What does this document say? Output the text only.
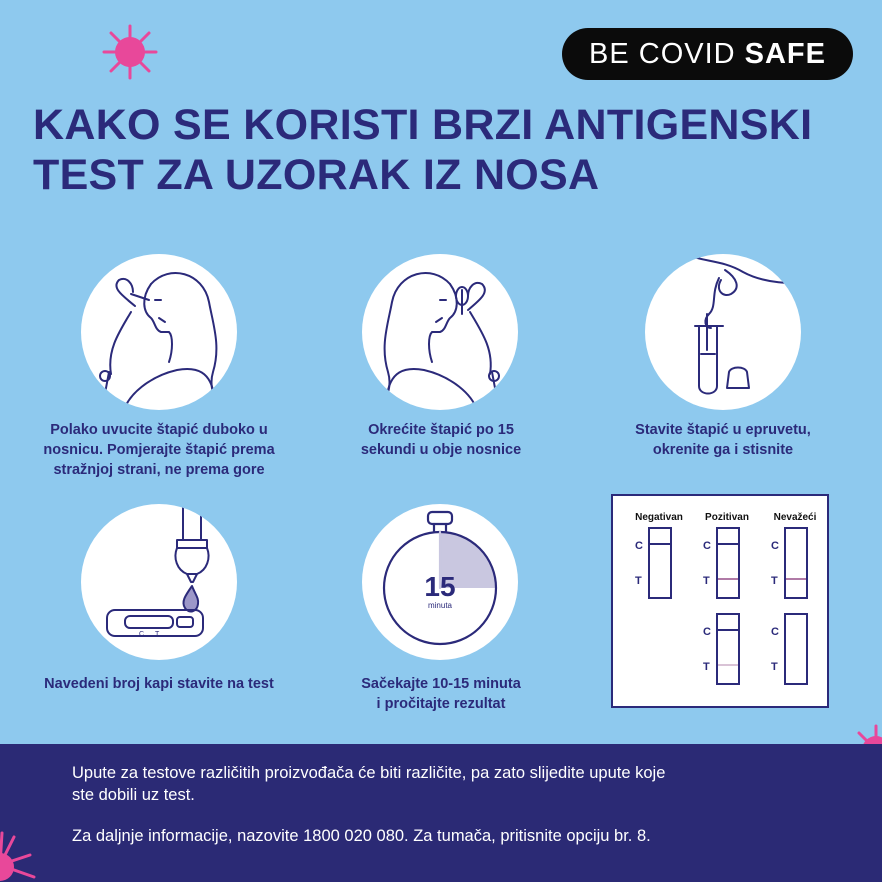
BE COVID SAFE
KAKO SE KORISTI BRZI ANTIGENSKI
TEST ZA UZORAK IZ NOSA
Polako uvucite štapić duboko u
nosnicu. Pomjerajte štapić prema
stražnjoj strani, ne prema gore
Okrećite štapić po 15
sekundi u obje nosnice
Stavite štapić u epruvetu,
okrenite ga i stisnite
C T
Navedeni broj kapi stavite na test
15
minuta
Sačekajte 10-15 minuta
i pročitajte rezultat
Negativan Pozitivan Nevažeći
C
T
C
T
C
T
C
T
C
T

Upute za testove različitih proizvođača će biti različite, pa zato slijedite upute koje
ste dobili uz test.

Za daljnje informacije, nazovite 1800 020 080. Za tumača, pritisnite opciju br. 8.
